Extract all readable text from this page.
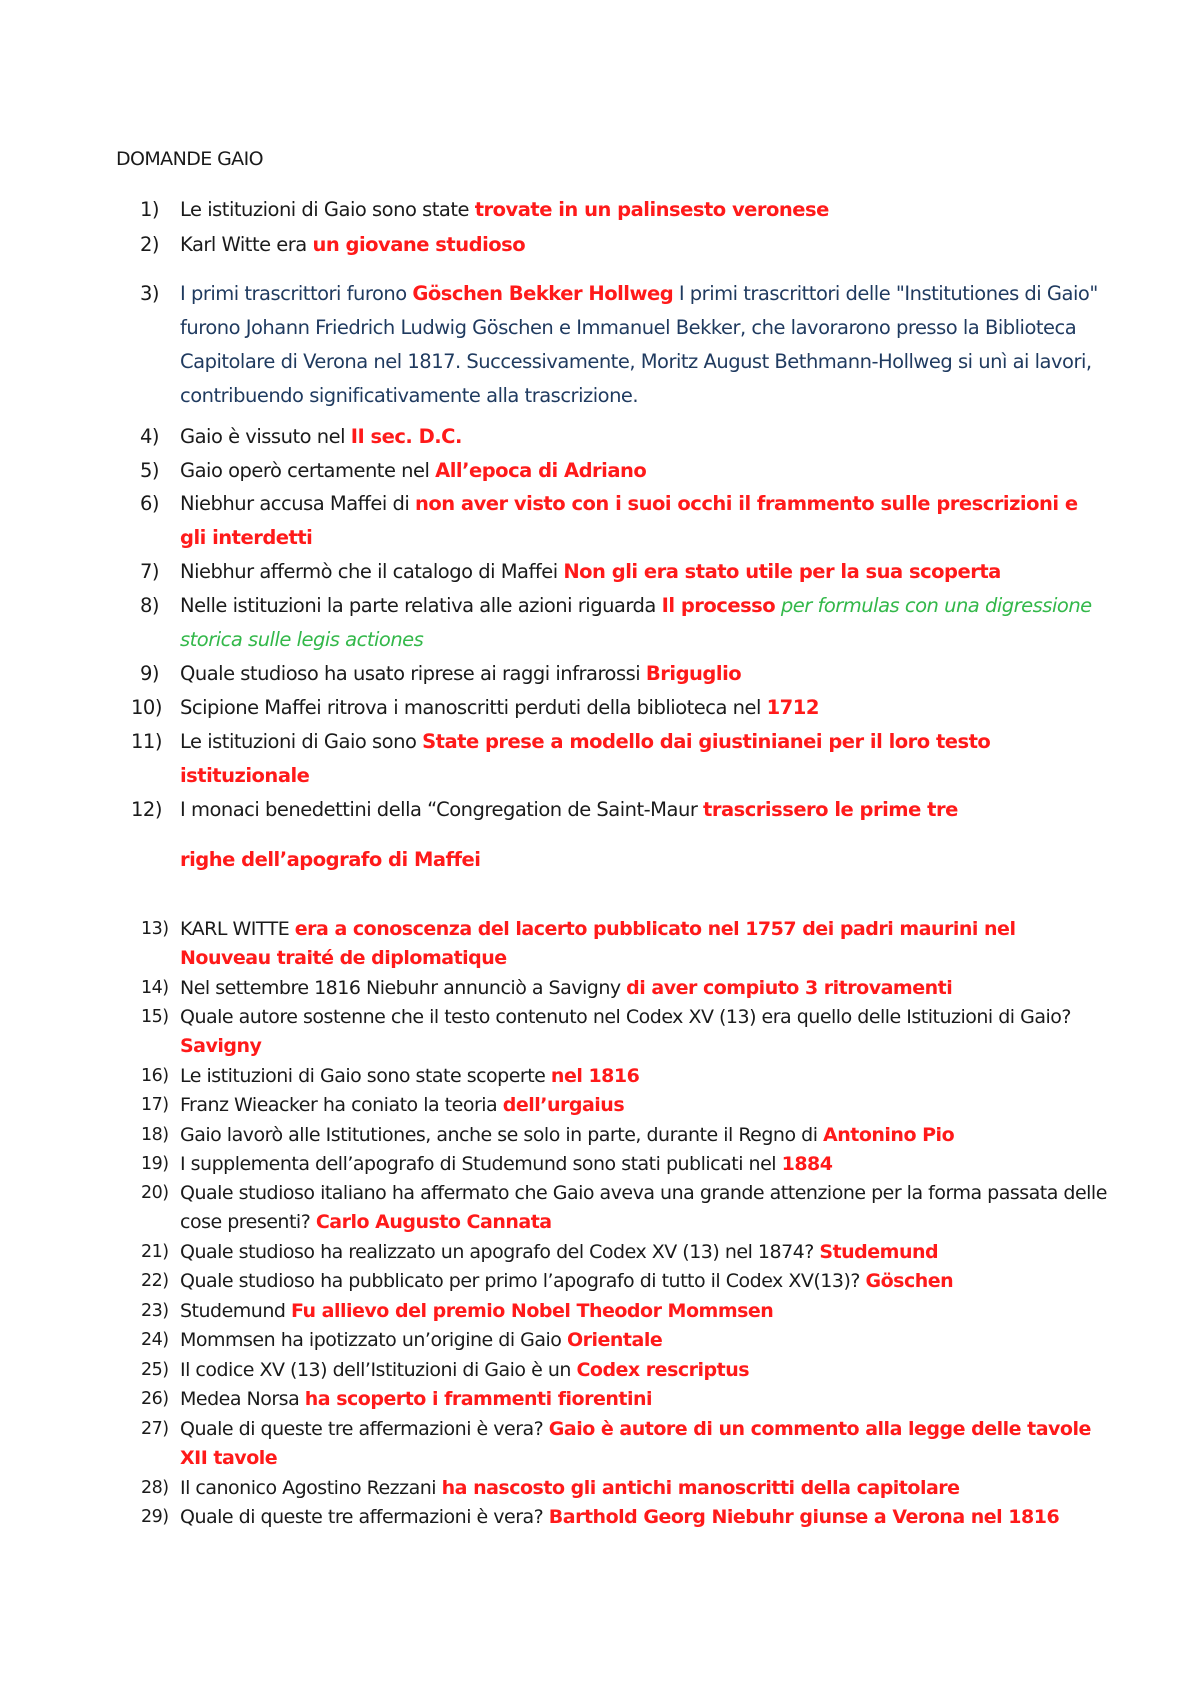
DOMANDE GAIO
1) Le istituzioni di Gaio sono state trovate in un palinsesto veronese
2) Karl Witte era un giovane studioso
3) I primi trascrittori furono Göschen Bekker Hollweg I primi trascrittori delle "Institutiones di Gaio" furono Johann Friedrich Ludwig Göschen e Immanuel Bekker, che lavorarono presso la Biblioteca Capitolare di Verona nel 1817. Successivamente, Moritz August Bethmann-Hollweg si unì ai lavori, contribuendo significativamente alla trascrizione.
4) Gaio è vissuto nel II sec. D.C.
5) Gaio operò certamente nel All’epoca di Adriano
6) Niebhur accusa Maffei di non aver visto con i suoi occhi il frammento sulle prescrizioni e gli interdetti
7) Niebhur affermò che il catalogo di Maffei Non gli era stato utile per la sua scoperta
8) Nelle istituzioni la parte relativa alle azioni riguarda Il processo per formulas con una digressione storica sulle legis actiones
9) Quale studioso ha usato riprese ai raggi infrarossi Briguglio
10) Scipione Maffei ritrova i manoscritti perduti della biblioteca nel 1712
11) Le istituzioni di Gaio sono State prese a modello dai giustinianei per il loro testo istituzionale
12) I monaci benedettini della “Congregation de Saint-Maur trascrissero le prime tre
righe dell’apografo di Maffei
13) KARL WITTE era a conoscenza del lacerto pubblicato nel 1757 dei padri maurini nel Nouveau traité de diplomatique
14) Nel settembre 1816 Niebuhr annunciò a Savigny di aver compiuto 3 ritrovamenti
15) Quale autore sostenne che il testo contenuto nel Codex XV (13) era quello delle Istituzioni di Gaio? Savigny
16) Le istituzioni di Gaio sono state scoperte nel 1816
17) Franz Wieacker ha coniato la teoria dell’urgaius
18) Gaio lavorò alle Istitutiones, anche se solo in parte, durante il Regno di Antonino Pio
19) I supplementa dell’apografo di Studemund sono stati publicati nel 1884
20) Quale studioso italiano ha affermato che Gaio aveva una grande attenzione per la forma passata delle cose presenti? Carlo Augusto Cannata
21) Quale studioso ha realizzato un apografo del Codex XV (13) nel 1874? Studemund
22) Quale studioso ha pubblicato per primo l’apografo di tutto il Codex XV(13)? Göschen
23) Studemund Fu allievo del premio Nobel Theodor Mommsen
24) Mommsen ha ipotizzato un’origine di Gaio Orientale
25) Il codice XV (13) dell’Istituzioni di Gaio è un Codex rescriptus
26) Medea Norsa ha scoperto i frammenti fiorentini
27) Quale di queste tre affermazioni è vera? Gaio è autore di un commento alla legge delle tavole XII tavole
28) Il canonico Agostino Rezzani ha nascosto gli antichi manoscritti della capitolare
29) Quale di queste tre affermazioni è vera? Barthold Georg Niebuhr giunse a Verona nel 1816
